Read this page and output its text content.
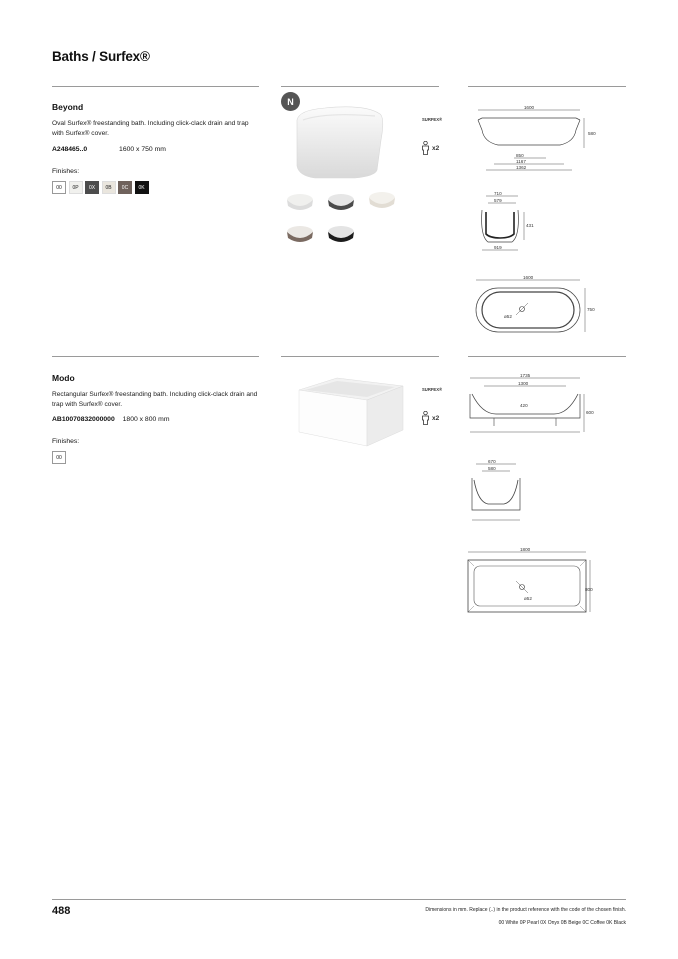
Baths / Surfex®
Beyond
Oval Surfex® freestanding bath. Including click-clack drain and trap with Surfex® cover.
A248465..0	1600 x 750 mm
Finishes:
00	0P	0X	0B	0C	0K
N
SURFEX®
x2
1600
580
850
1167
1362
710
579
431
919
1600
ø52
750
Modo
Rectangular Surfex® freestanding bath. Including click-clack drain and trap with Surfex® cover.
AB10070832000000 1800 x 800 mm
Finishes:
00
SURFEX®
x2
1735
1300
420
600
670
580
1800
ø52
800
488	Dimensions in mm. Replace (..) in the product reference with the code of the chosen finish.
00 White 0P Pearl 0X Onyx 0B Beige 0C Coffee 0K Black
